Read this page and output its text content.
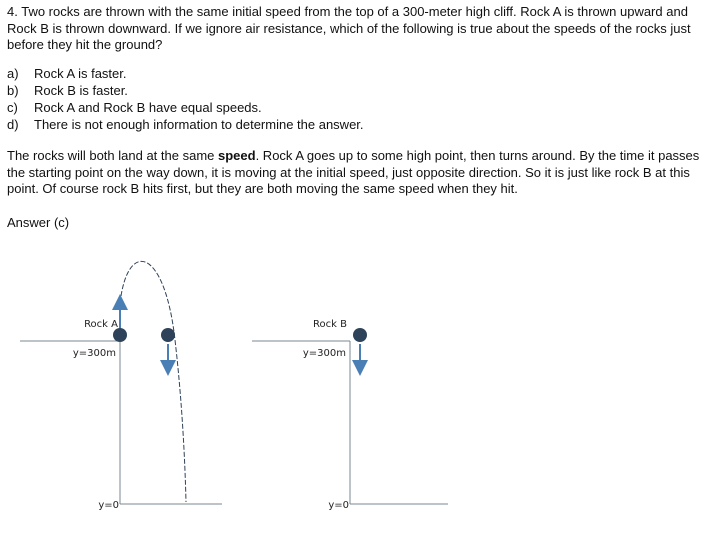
4. Two rocks are thrown with the same initial speed from the top of a 300-meter high cliff. Rock A is thrown upward and Rock B is thrown downward. If we ignore air resistance, which of the following is true about the speeds of the rocks just before they hit the ground?

a)	Rock A is faster.
b)	Rock B is faster.
c)	Rock A and Rock B have equal speeds.
d)	There is not enough information to determine the answer.

The rocks will both land at the same speed. Rock A goes up to some high point, then turns around. By the time it passes the starting point on the way down, it is moving at the initial speed, just opposite direction. So it is just like rock B at this point. Of course rock B hits first, but they are both moving the same speed when they hit.

Answer (c)

Rock A
y=300m
y=0
Rock B
y=300m
y=0
